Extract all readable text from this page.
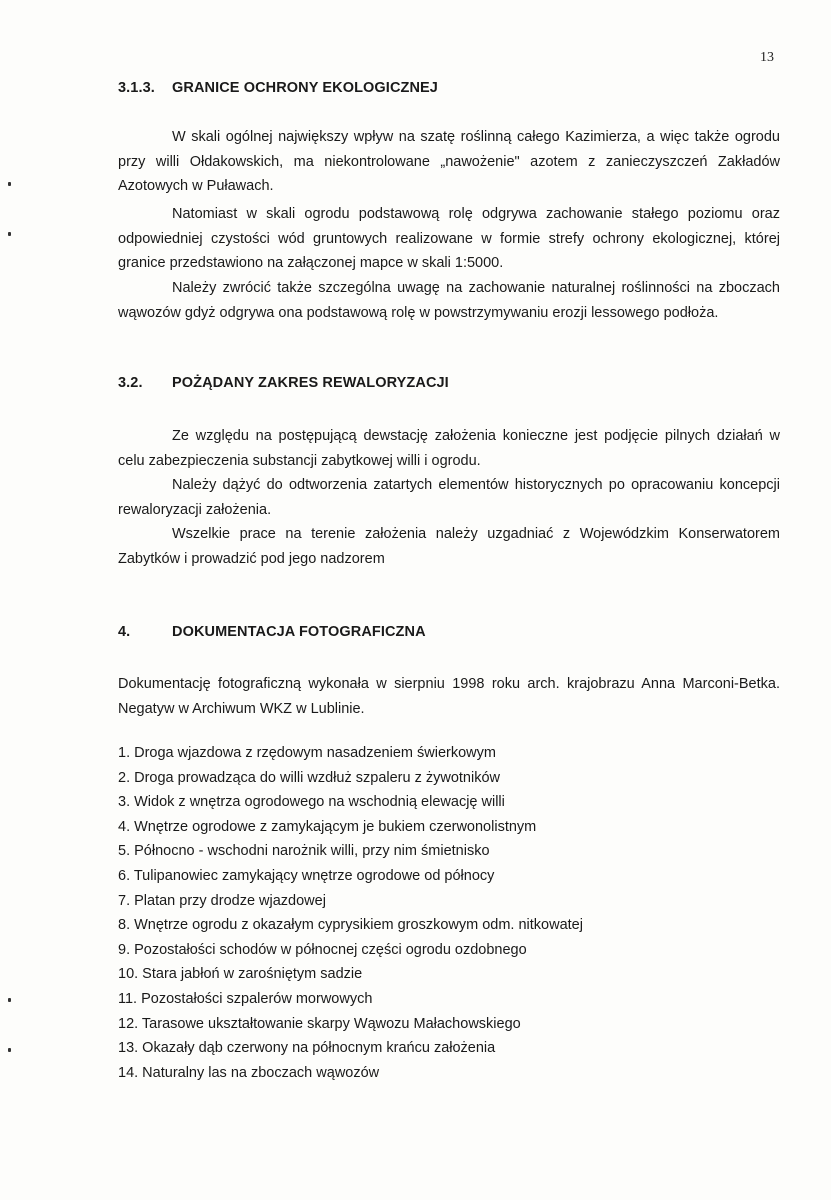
13
3.1.3. GRANICE OCHRONY EKOLOGICZNEJ

W skali ogólnej największy wpływ na szatę roślinną całego Kazimierza, a więc także ogrodu przy willi Ołdakowskich, ma niekontrolowane „nawożenie" azotem z zanieczyszczeń Zakładów Azotowych w Puławach.

Natomiast w skali ogrodu podstawową rolę odgrywa zachowanie stałego poziomu oraz odpowiedniej czystości wód gruntowych realizowane w formie strefy ochrony ekologicznej, której granice przedstawiono na załączonej mapce w skali 1:5000.

Należy zwrócić także szczególna uwagę na zachowanie naturalnej roślinności na zboczach wąwozów gdyż odgrywa ona podstawową rolę w powstrzymywaniu erozji lessowego podłoża.

3.2. POŻĄDANY ZAKRES REWALORYZACJI

Ze względu na postępującą dewstację założenia konieczne jest podjęcie pilnych działań w celu zabezpieczenia substancji zabytkowej willi i ogrodu.

Należy dążyć do odtworzenia zatartych elementów historycznych po opracowaniu koncepcji rewaloryzacji założenia.

Wszelkie prace na terenie założenia należy uzgadniać z Wojewódzkim Konserwatorem Zabytków i prowadzić pod jego nadzorem

4.	DOKUMENTACJA FOTOGRAFICZNA

Dokumentację fotograficzną wykonała w sierpniu 1998 roku arch. krajobrazu Anna Marconi-Betka. Negatyw w Archiwum WKZ w Lublinie.

1. Droga wjazdowa z rzędowym nasadzeniem świerkowym
2. Droga prowadząca do willi wzdłuż szpaleru z żywotników
3. Widok z wnętrza ogrodowego na wschodnią elewację willi
4. Wnętrze ogrodowe z zamykającym je bukiem czerwonolistnym
5. Północno - wschodni narożnik willi, przy nim śmietnisko
6. Tulipanowiec zamykający wnętrze ogrodowe od północy
7. Platan przy drodze wjazdowej
8. Wnętrze ogrodu z okazałym cyprysikiem groszkowym odm. nitkowatej
9. Pozostałości schodów w północnej części ogrodu ozdobnego
10. Stara jabłoń w zarośniętym sadzie
11. Pozostałości szpalerów morwowych
12. Tarasowe ukształtowanie skarpy Wąwozu Małachowskiego
13. Okazały dąb czerwony na północnym krańcu założenia
14. Naturalny las na zboczach wąwozów
